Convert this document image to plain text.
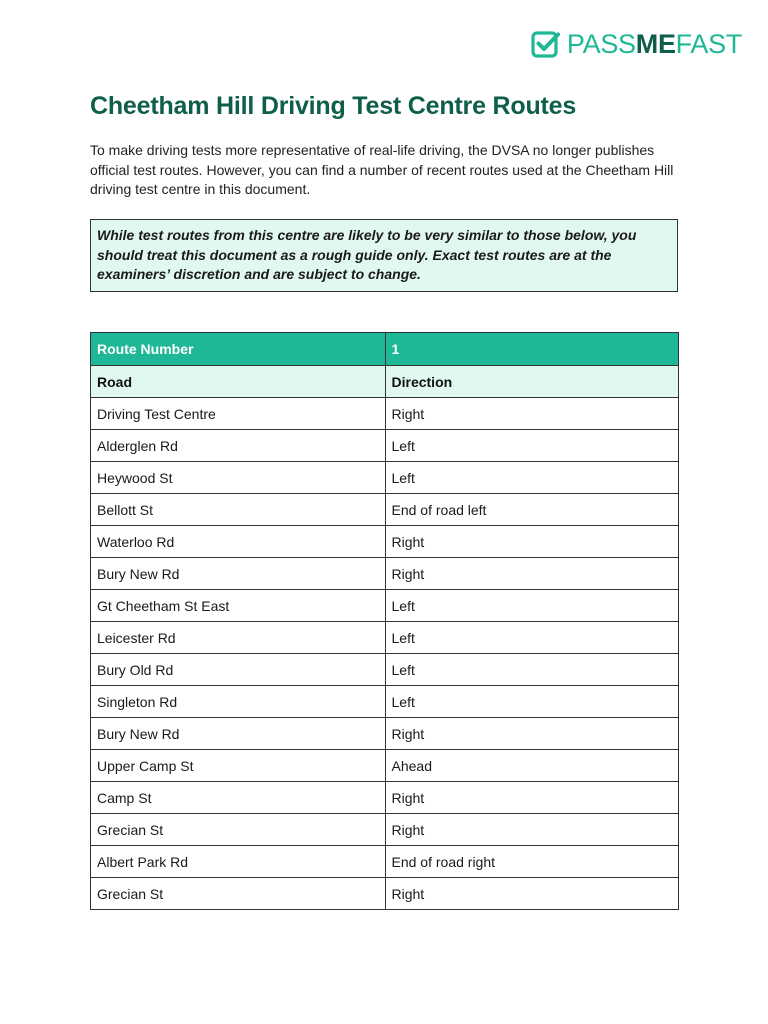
PASSMEFAST
Cheetham Hill Driving Test Centre Routes

To make driving tests more representative of real-life driving, the DVSA no longer publishes official test routes. However, you can find a number of recent routes used at the Cheetham Hill driving test centre in this document.

While test routes from this centre are likely to be very similar to those below, you should treat this document as a rough guide only. Exact test routes are at the examiners’ discretion and are subject to change.
Route Number	1
Road	Direction
Driving Test Centre	Right
Alderglen Rd	Left
Heywood St	Left
Bellott St	End of road left
Waterloo Rd	Right
Bury New Rd	Right
Gt Cheetham St East	Left
Leicester Rd	Left
Bury Old Rd	Left
Singleton Rd	Left
Bury New Rd	Right
Upper Camp St	Ahead
Camp St	Right
Grecian St	Right
Albert Park Rd	End of road right
Grecian St	Right
